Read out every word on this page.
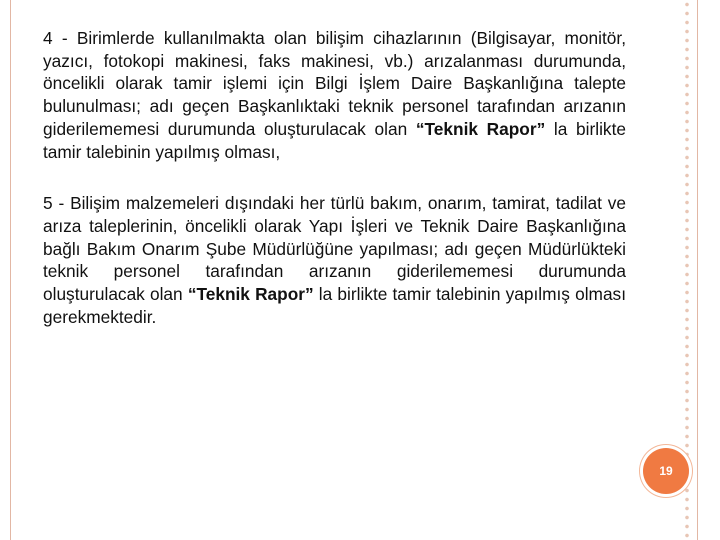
4 - Birimlerde kullanılmakta olan bilişim cihazlarının (Bilgisayar, monitör, yazıcı, fotokopi makinesi, faks makinesi, vb.) arızalanması durumunda, öncelikli olarak tamir işlemi için Bilgi İşlem Daire Başkanlığına talepte bulunulması; adı geçen Başkanlıktaki teknik personel tarafından arızanın giderilememesi durumunda oluşturulacak olan “Teknik Rapor” la birlikte tamir talebinin yapılmış olması,

5 - Bilişim malzemeleri dışındaki her türlü bakım, onarım, tamirat, tadilat ve arıza taleplerinin, öncelikli olarak Yapı İşleri ve Teknik Daire Başkanlığına bağlı Bakım Onarım Şube Müdürlüğüne yapılması; adı geçen Müdürlükteki teknik personel tarafından arızanın giderilememesi durumunda oluşturulacak olan “Teknik Rapor” la birlikte tamir talebinin yapılmış olması gerekmektedir.

19
